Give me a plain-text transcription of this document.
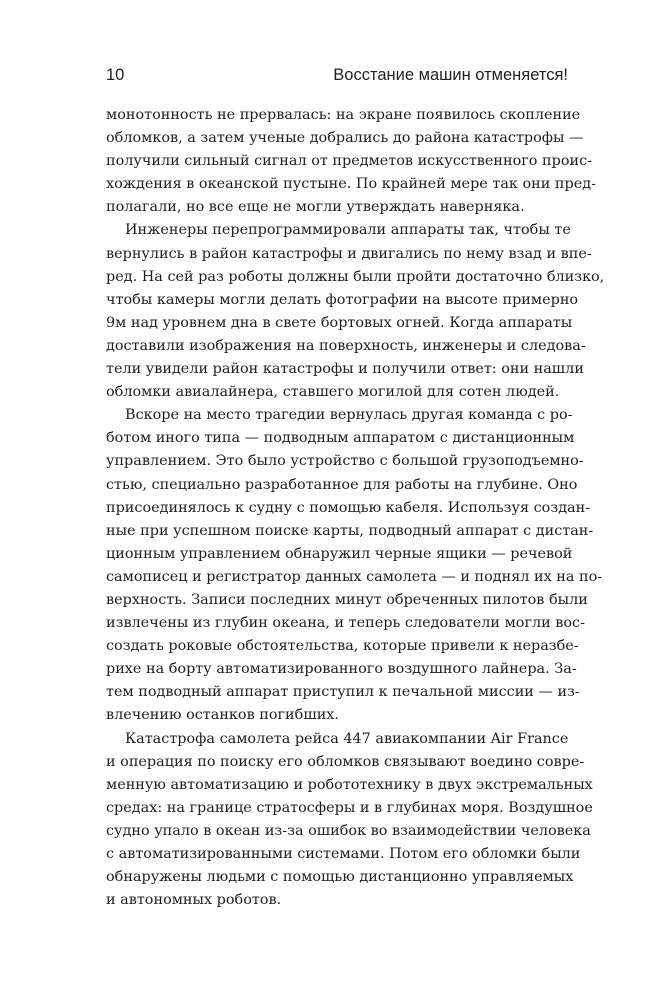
10	Восстание машин отменяется!
монотонность не прервалась: на экране появилось скопление
обломков, а затем ученые добрались до района катастрофы —
получили сильный сигнал от предметов искусственного проис-
хождения в океанской пустыне. По крайней мере так они пред-
полагали, но все еще не могли утверждать наверняка.
Инженеры перепрограммировали аппараты так, чтобы те
вернулись в район катастрофы и двигались по нему взад и впе-
ред. На сей раз роботы должны были пройти достаточно близко,
чтобы камеры могли делать фотографии на высоте примерно
9м над уровнем дна в свете бортовых огней. Когда аппараты
доставили изображения на поверхность, инженеры и следова-
тели увидели район катастрофы и получили ответ: они нашли
обломки авиалайнера, ставшего могилой для сотен людей.
Вскоре на место трагедии вернулась другая команда с ро-
ботом иного типа — подводным аппаратом с дистанционным
управлением. Это было устройство с большой грузоподъемно-
стью, специально разработанное для работы на глубине. Оно
присоединялось к судну с помощью кабеля. Используя создан-
ные при успешном поиске карты, подводный аппарат с дистан-
ционным управлением обнаружил черные ящики — речевой
самописец и регистратор данных самолета — и поднял их на по-
верхность. Записи последних минут обреченных пилотов были
извлечены из глубин океана, и теперь следователи могли вос-
создать роковые обстоятельства, которые привели к неразбе-
рихе на борту автоматизированного воздушного лайнера. За-
тем подводный аппарат приступил к печальной миссии — из-
влечению останков погибших.
Катастрофа самолета рейса 447 авиакомпании Air France
и операция по поиску его обломков связывают воедино совре-
менную автоматизацию и робототехнику в двух экстремальных
средах: на границе стратосферы и в глубинах моря. Воздушное
судно упало в океан из-за ошибок во взаимодействии человека
с автоматизированными системами. Потом его обломки были
обнаружены людьми с помощью дистанционно управляемых
и автономных роботов.
